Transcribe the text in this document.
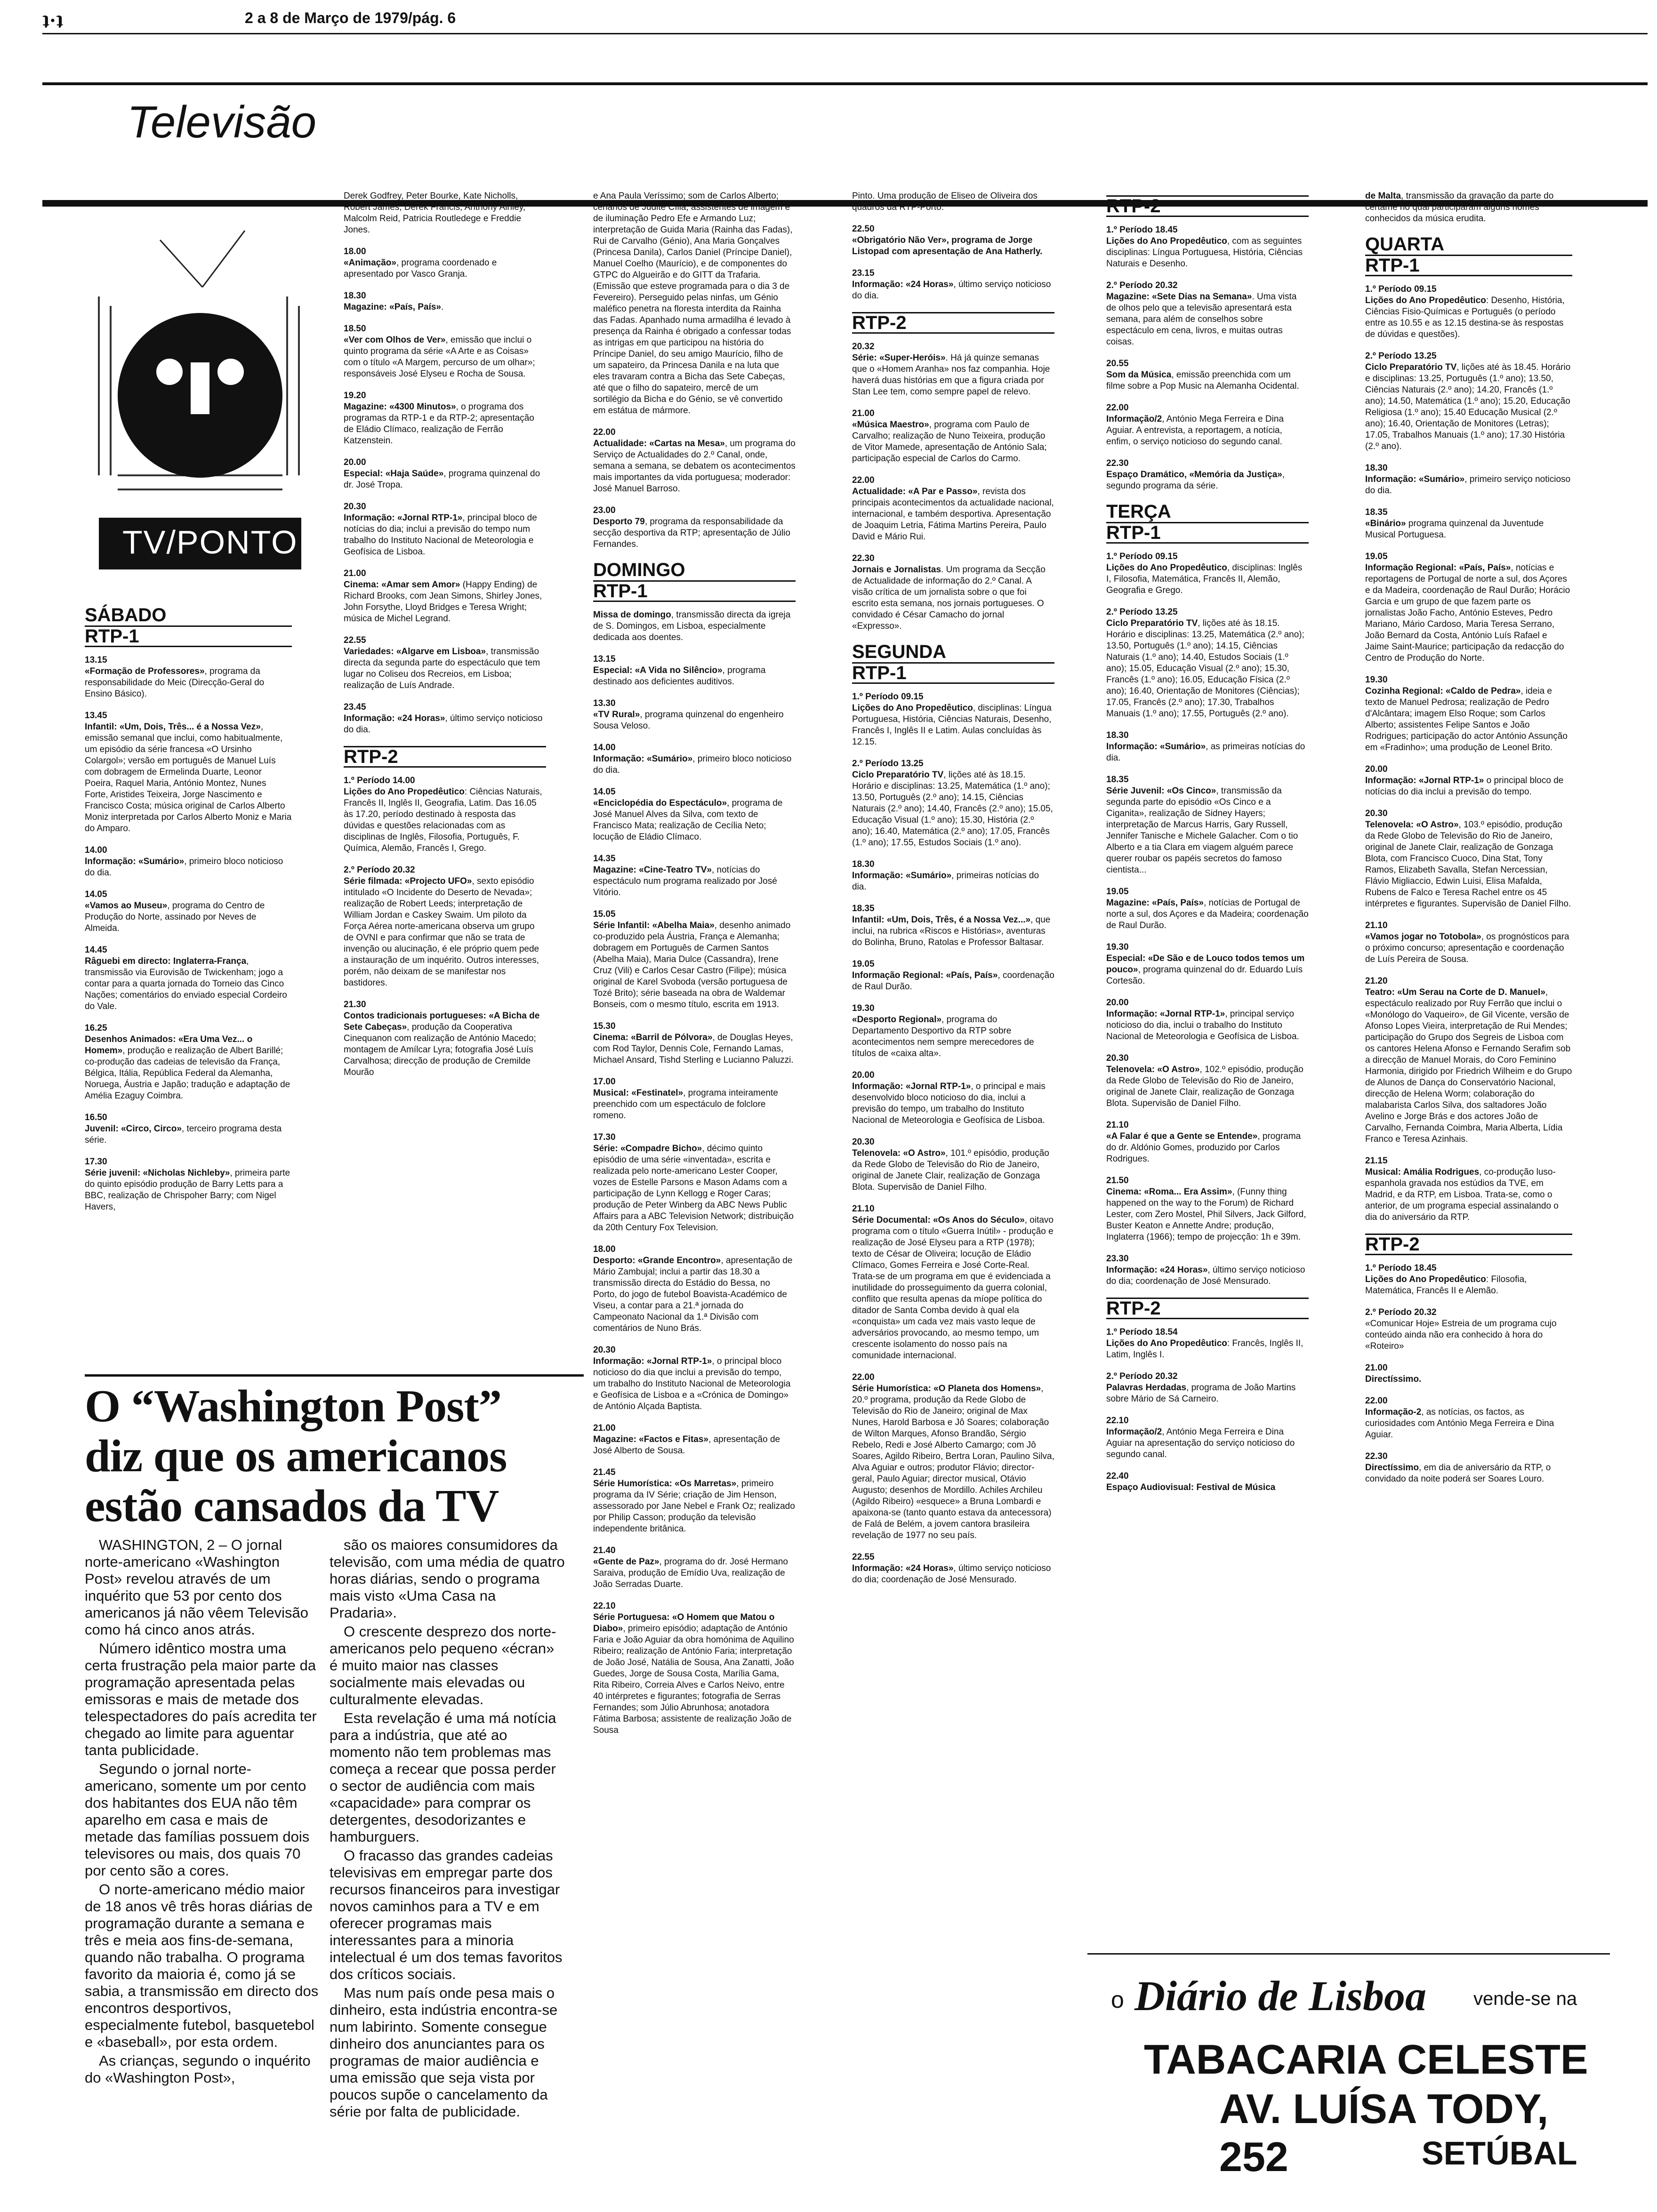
ʇ·ʇ	2 a 8 de Março de 1979/pág. 6
Televisão
TV/PONTO
SÁBADO
RTP-1
13.15
«Formação de Professores», programa da responsabilidade do Meic (Direcção-Geral do Ensino Básico).
13.45
Infantil: «Um, Dois, Três... é a Nossa Vez», emissão semanal que inclui, como habitualmente, um episódio da série francesa «O Ursinho Colargol»; versão em português de Manuel Luís com dobragem de Ermelinda Duarte, Leonor Poeira, Raquel Maria, António Montez, Nunes Forte, Aristides Teixeira, Jorge Nascimento e Francisco Costa; música original de Carlos Alberto Moniz interpretada por Carlos Alberto Moniz e Maria do Amparo.
14.00
Informação: «Sumário», primeiro bloco noticioso do dia.
14.05
«Vamos ao Museu», programa do Centro de Produção do Norte, assinado por Neves de Almeida.
14.45
Râguebi em directo: Inglaterra-França, transmissão via Eurovisão de Twickenham; jogo a contar para a quarta jornada do Torneio das Cinco Nações; comentários do enviado especial Cordeiro do Vale.
16.25
Desenhos Animados: «Era Uma Vez... o Homem», produção e realização de Albert Barillé; co-produção das cadeias de televisão da França, Bélgica, Itália, República Federal da Alemanha, Noruega, Áustria e Japão; tradução e adaptação de Amélia Ezaguy Coimbra.
16.50
Juvenil: «Circo, Circo», terceiro programa desta série.
17.30
Série juvenil: «Nicholas Nichleby», primeira parte do quinto episódio produção de Barry Letts para a BBC, realização de Chrispoher Barry; com Nigel Havers,
Derek Godfrey, Peter Bourke, Kate Nicholls, Robert James, Derek Francis, Anthony Ainley, Malcolm Reid, Patricia Routledege e Freddie Jones.
18.00
«Animação», programa coordenado e apresentado por Vasco Granja.
18.30
Magazine: «País, País».
18.50
«Ver com Olhos de Ver», emissão que inclui o quinto programa da série «A Arte e as Coisas» com o título «A Margem, percurso de um olhar»; responsáveis José Elyseu e Rocha de Sousa.
19.20
Magazine: «4300 Minutos», o programa dos programas da RTP-1 e da RTP-2; apresentação de Eládio Clímaco, realização de Ferrão Katzenstein.
20.00
Especial: «Haja Saúde», programa quinzenal do dr. José Tropa.
20.30
Informação: «Jornal RTP-1», principal bloco de notícias do dia; inclui a previsão do tempo num trabalho do Instituto Nacional de Meteorologia e Geofísica de Lisboa.
21.00
Cinema: «Amar sem Amor» (Happy Ending) de Richard Brooks, com Jean Simons, Shirley Jones, John Forsythe, Lloyd Bridges e Teresa Wright; música de Michel Legrand.
22.55
Variedades: «Algarve em Lisboa», transmissão directa da segunda parte do espectáculo que tem lugar no Coliseu dos Recreios, em Lisboa; realização de Luís Andrade.
23.45
Informação: «24 Horas», último serviço noticioso do dia.
RTP-2
1.º Período 14.00
Lições do Ano Propedêutico: Ciências Naturais, Francês II, Inglês II, Geografia, Latim. Das 16.05 às 17.20, período destinado à resposta das dúvidas e questões relacionadas com as disciplinas de Inglês, Filosofia, Português, F. Química, Alemão, Francês I, Grego.
2.º Período 20.32
Série filmada: «Projecto UFO», sexto episódio intitulado «O Incidente do Deserto de Nevada»; realização de Robert Leeds; interpretação de William Jordan e Caskey Swaim. Um piloto da Força Aérea norte-americana observa um grupo de OVNI e para confirmar que não se trata de invenção ou alucinação, é ele próprio quem pede a instauração de um inquérito. Outros interesses, porém, não deixam de se manifestar nos bastidores.
21.30
Contos tradicionais portugueses: «A Bicha de Sete Cabeças», produção da Cooperativa Cinequanon com realização de António Macedo; montagem de Amílcar Lyra; fotografia José Luís Carvalhosa; direcção de produção de Cremilde Mourão
e Ana Paula Veríssimo; som de Carlos Alberto; cenários de Judite Cília; assistentes de imagem e de iluminação Pedro Efe e Armando Luz; interpretação de Guida Maria (Rainha das Fadas), Rui de Carvalho (Génio), Ana Maria Gonçalves (Princesa Danila), Carlos Daniel (Príncipe Daniel), Manuel Coelho (Maurício), e de componentes do GTPC do Algueirão e do GITT da Trafaria. (Emissão que esteve programada para o dia 3 de Fevereiro). Perseguido pelas ninfas, um Génio maléfico penetra na floresta interdita da Rainha das Fadas. Apanhado numa armadilha é levado à presença da Rainha é obrigado a confessar todas as intrigas em que participou na história do Príncipe Daniel, do seu amigo Maurício, filho de um sapateiro, da Princesa Danila e na luta que eles travaram contra a Bicha das Sete Cabeças, até que o filho do sapateiro, mercê de um sortilégio da Bicha e do Génio, se vê convertido em estátua de mármore.
22.00
Actualidade: «Cartas na Mesa», um programa do Serviço de Actualidades do 2.º Canal, onde, semana a semana, se debatem os acontecimentos mais importantes da vida portuguesa; moderador: José Manuel Barroso.
23.00
Desporto 79, programa da responsabilidade da secção desportiva da RTP; apresentação de Júlio Fernandes.
DOMINGO
RTP-1
Missa de domingo, transmissão directa da igreja de S. Domingos, em Lisboa, especialmente dedicada aos doentes.
13.15
Especial: «A Vida no Silêncio», programa destinado aos deficientes auditivos.
13.30
«TV Rural», programa quinzenal do engenheiro Sousa Veloso.
14.00
Informação: «Sumário», primeiro bloco noticioso do dia.
14.05
«Enciclopédia do Espectáculo», programa de José Manuel Alves da Silva, com texto de Francisco Mata; realização de Cecília Neto; locução de Eládio Clímaco.
14.35
Magazine: «Cine-Teatro TV», notícias do espectáculo num programa realizado por José Vitório.
15.05
Série Infantil: «Abelha Maia», desenho animado co-produzido pela Áustria, França e Alemanha; dobragem em Português de Carmen Santos (Abelha Maia), Maria Dulce (Cassandra), Irene Cruz (Vili) e Carlos Cesar Castro (Filipe); música original de Karel Svoboda (versão portuguesa de Tozé Brito); série baseada na obra de Waldemar Bonseis, com o mesmo título, escrita em 1913.
15.30
Cinema: «Barril de Pólvora», de Douglas Heyes, com Rod Taylor, Dennis Cole, Fernando Lamas, Michael Ansard, Tishd Sterling e Lucianno Paluzzi.
17.00
Musical: «Festinatel», programa inteiramente preenchido com um espectáculo de folclore romeno.
17.30
Série: «Compadre Bicho», décimo quinto episódio de uma série «inventada», escrita e realizada pelo norte-americano Lester Cooper, vozes de Estelle Parsons e Mason Adams com a participação de Lynn Kellogg e Roger Caras; produção de Peter Winberg da ABC News Public Affairs para a ABC Television Network; distribuição da 20th Century Fox Television.
18.00
Desporto: «Grande Encontro», apresentação de Mário Zambujal; inclui a partir das 18.30 a transmissão directa do Estádio do Bessa, no Porto, do jogo de futebol Boavista-Académico de Viseu, a contar para a 21.ª jornada do Campeonato Nacional da 1.ª Divisão com comentários de Nuno Brás.
20.30
Informação: «Jornal RTP-1», o principal bloco noticioso do dia que inclui a previsão do tempo, um trabalho do Instituto Nacional de Meteorologia e Geofísica de Lisboa e a «Crónica de Domingo» de António Alçada Baptista.
21.00
Magazine: «Factos e Fitas», apresentação de José Alberto de Sousa.
21.45
Série Humorística: «Os Marretas», primeiro programa da IV Série; criação de Jim Henson, assessorado por Jane Nebel e Frank Oz; realizado por Philip Casson; produção da televisão independente britânica.
21.40
«Gente de Paz», programa do dr. José Hermano Saraiva, produção de Emídio Uva, realização de João Serradas Duarte.
22.10
Série Portuguesa: «O Homem que Matou o Diabo», primeiro episódio; adaptação de António Faria e João Aguiar da obra homónima de Aquilino Ribeiro; realização de António Faria; interpretação de João José, Natália de Sousa, Ana Zanatti, João Guedes, Jorge de Sousa Costa, Marília Gama, Rita Ribeiro, Correia Alves e Carlos Neivo, entre 40 intérpretes e figurantes; fotografia de Serras Fernandes; som Júlio Abrunhosa; anotadora Fátima Barbosa; assistente de realização João de Sousa
Pinto. Uma produção de Eliseo de Oliveira dos quadros da RTP-Porto.
22.50
«Obrigatório Não Ver», programa de Jorge Listopad com apresentação de Ana Hatherly.
23.15
Informação: «24 Horas», último serviço noticioso do dia.
RTP-2
20.32
Série: «Super-Heróis». Há já quinze semanas que o «Homem Aranha» nos faz companhia. Hoje haverá duas histórias em que a figura criada por Stan Lee tem, como sempre papel de relevo.
21.00
«Música Maestro», programa com Paulo de Carvalho; realização de Nuno Teixeira, produção de Vitor Mamede, apresentação de António Sala; participação especial de Carlos do Carmo.
22.00
Actualidade: «A Par e Passo», revista dos principais acontecimentos da actualidade nacional, internacional, e também desportiva. Apresentação de Joaquim Letria, Fátima Martins Pereira, Paulo David e Mário Rui.
22.30
Jornais e Jornalistas. Um programa da Secção de Actualidade de informação do 2.º Canal. A visão crítica de um jornalista sobre o que foi escrito esta semana, nos jornais portugueses. O convidado é César Camacho do jornal «Expresso».
SEGUNDA
RTP-1
1.º Período 09.15
Lições do Ano Propedêutico, disciplinas: Língua Portuguesa, História, Ciências Naturais, Desenho, Francês I, Inglês II e Latim. Aulas concluídas às 12.15.
2.º Período 13.25
Ciclo Preparatório TV, lições até às 18.15. Horário e disciplinas: 13.25, Matemática (1.º ano); 13.50, Português (2.º ano); 14.15, Ciências Naturais (2.º ano); 14.40, Francês (2.º ano); 15.05, Educação Visual (1.º ano); 15.30, História (2.º ano); 16.40, Matemática (2.º ano); 17.05, Francês (1.º ano); 17.55, Estudos Sociais (1.º ano).
18.30
Informação: «Sumário», primeiras notícias do dia.
18.35
Infantil: «Um, Dois, Três, é a Nossa Vez...», que inclui, na rubrica «Riscos e Histórias», aventuras do Bolinha, Bruno, Ratolas e Professor Baltasar.
19.05
Informação Regional: «País, País», coordenação de Raul Durão.
19.30
«Desporto Regional», programa do Departamento Desportivo da RTP sobre acontecimentos nem sempre merecedores de títulos de «caixa alta».
20.00
Informação: «Jornal RTP-1», o principal e mais desenvolvido bloco noticioso do dia, inclui a previsão do tempo, um trabalho do Instituto Nacional de Meteorologia e Geofísica de Lisboa.
20.30
Telenovela: «O Astro», 101.º episódio, produção da Rede Globo de Televisão do Rio de Janeiro, original de Janete Clair, realização de Gonzaga Blota. Supervisão de Daniel Filho.
21.10
Série Documental: «Os Anos do Século», oitavo programa com o título «Guerra Inútil» - produção e realização de José Elyseu para a RTP (1978); texto de César de Oliveira; locução de Eládio Clímaco, Gomes Ferreira e José Corte-Real. Trata-se de um programa em que é evidenciada a inutilidade do prosseguimento da guerra colonial, conflito que resulta apenas da míope política do ditador de Santa Comba devido à qual ela «conquista» um cada vez mais vasto leque de adversários provocando, ao mesmo tempo, um crescente isolamento do nosso país na comunidade internacional.
22.00
Série Humorística: «O Planeta dos Homens», 20.º programa, produção da Rede Globo de Televisão do Rio de Janeiro; original de Max Nunes, Harold Barbosa e Jô Soares; colaboração de Wilton Marques, Afonso Brandão, Sérgio Rebelo, Redi e José Alberto Camargo; com Jô Soares, Agildo Ribeiro, Bertra Loran, Paulino Silva, Alva Aguiar e outros; produtor Flávio; director-geral, Paulo Aguiar; director musical, Otávio Augusto; desenhos de Mordillo. Achiles Archileu (Agildo Ribeiro) «esquece» a Bruna Lombardi e apaixona-se (tanto quanto estava da antecessora) de Falá de Belém, a jovem cantora brasileira revelação de 1977 no seu país.
22.55
Informação: «24 Horas», último serviço noticioso do dia; coordenação de José Mensurado.
RTP-2
1.º Período 18.45
Lições do Ano Propedêutico, com as seguintes disciplinas: Língua Portuguesa, História, Ciências Naturais e Desenho.
2.º Período 20.32
Magazine: «Sete Dias na Semana». Uma vista de olhos pelo que a televisão apresentará esta semana, para além de conselhos sobre espectáculo em cena, livros, e muitas outras coisas.
20.55
Som da Música, emissão preenchida com um filme sobre a Pop Music na Alemanha Ocidental.
22.00
Informação/2, António Mega Ferreira e Dina Aguiar. A entrevista, a reportagem, a notícia, enfim, o serviço noticioso do segundo canal.
22.30
Espaço Dramático, «Memória da Justiça», segundo programa da série.
TERÇA
RTP-1
1.º Período 09.15
Lições do Ano Propedêutico, disciplinas: Inglês I, Filosofia, Matemática, Francês II, Alemão, Geografia e Grego.
2.º Período 13.25
Ciclo Preparatório TV, lições até às 18.15. Horário e disciplinas: 13.25, Matemática (2.º ano); 13.50, Português (1.º ano); 14.15, Ciências Naturais (1.º ano); 14.40, Estudos Sociais (1.º ano); 15.05, Educação Visual (2.º ano); 15.30, Francês (1.º ano); 16.05, Educação Física (2.º ano); 16.40, Orientação de Monitores (Ciências); 17.05, Francês (2.º ano); 17.30, Trabalhos Manuais (1.º ano); 17.55, Português (2.º ano).
18.30
Informação: «Sumário», as primeiras notícias do dia.
18.35
Série Juvenil: «Os Cinco», transmissão da segunda parte do episódio «Os Cinco e a Ciganita», realização de Sidney Hayers; interpretação de Marcus Harris, Gary Russell, Jennifer Tanische e Michele Galacher. Com o tio Alberto e a tia Clara em viagem alguém parece querer roubar os papéis secretos do famoso cientista...
19.05
Magazine: «País, País», notícias de Portugal de norte a sul, dos Açores e da Madeira; coordenação de Raul Durão.
19.30
Especial: «De São e de Louco todos temos um pouco», programa quinzenal do dr. Eduardo Luís Cortesão.
20.00
Informação: «Jornal RTP-1», principal serviço noticioso do dia, inclui o trabalho do Instituto Nacional de Meteorologia e Geofísica de Lisboa.
20.30
Telenovela: «O Astro», 102.º episódio, produção da Rede Globo de Televisão do Rio de Janeiro, original de Janete Clair, realização de Gonzaga Blota. Supervisão de Daniel Filho.
21.10
«A Falar é que a Gente se Entende», programa do dr. Aldónio Gomes, produzido por Carlos Rodrigues.
21.50
Cinema: «Roma... Era Assim», (Funny thing happened on the way to the Forum) de Richard Lester, com Zero Mostel, Phil Silvers, Jack Gilford, Buster Keaton e Annette Andre; produção, Inglaterra (1966); tempo de projecção: 1h e 39m.
23.30
Informação: «24 Horas», último serviço noticioso do dia; coordenação de José Mensurado.
RTP-2
1.º Período 18.54
Lições do Ano Propedêutico: Francês, Inglês II, Latim, Inglês I.
2.º Período 20.32
Palavras Herdadas, programa de João Martins sobre Mário de Sá Carneiro.
22.10
Informação/2, António Mega Ferreira e Dina Aguiar na apresentação do serviço noticioso do segundo canal.
22.40
Espaço Audiovisual: Festival de Música
de Malta, transmissão da gravação da parte do certame no qual participaram alguns nomes conhecidos da música erudita.
QUARTA
RTP-1
1.º Período 09.15
Lições do Ano Propedêutico: Desenho, História, Ciências Fisio-Químicas e Português (o período entre as 10.55 e as 12.15 destina-se às respostas de dúvidas e questões).
2.º Período 13.25
Ciclo Preparatório TV, lições até às 18.45. Horário e disciplinas: 13.25, Português (1.º ano); 13.50, Ciências Naturais (2.º ano); 14.20, Francês (1.º ano); 14.50, Matemática (1.º ano); 15.20, Educação Religiosa (1.º ano); 15.40 Educação Musical (2.º ano); 16.40, Orientação de Monitores (Letras); 17.05, Trabalhos Manuais (1.º ano); 17.30 História (2.º ano).
18.30
Informação: «Sumário», primeiro serviço noticioso do dia.
18.35
«Binário» programa quinzenal da Juventude Musical Portuguesa.
19.05
Informação Regional: «País, País», notícias e reportagens de Portugal de norte a sul, dos Açores e da Madeira, coordenação de Raul Durão; Horácio Garcia e um grupo de que fazem parte os jornalistas João Facho, António Esteves, Pedro Mariano, Mário Cardoso, Maria Teresa Serrano, João Bernard da Costa, António Luís Rafael e Jaime Saint-Maurice; participação da redacção do Centro de Produção do Norte.
19.30
Cozinha Regional: «Caldo de Pedra», ideia e texto de Manuel Pedrosa; realização de Pedro d'Alcântara; imagem Elso Roque; som Carlos Alberto; assistentes Felipe Santos e João Rodrigues; participação do actor António Assunção em «Fradinho»; uma produção de Leonel Brito.
20.00
Informação: «Jornal RTP-1» o principal bloco de notícias do dia inclui a previsão do tempo.
20.30
Telenovela: «O Astro», 103.º episódio, produção da Rede Globo de Televisão do Rio de Janeiro, original de Janete Clair, realização de Gonzaga Blota, com Francisco Cuoco, Dina Stat, Tony Ramos, Elizabeth Savalla, Stefan Nercessian, Flávio Migliaccio, Edwin Luisi, Elisa Mafalda, Rubens de Falco e Teresa Rachel entre os 45 intérpretes e figurantes. Supervisão de Daniel Filho.
21.10
«Vamos jogar no Totobola», os prognósticos para o próximo concurso; apresentação e coordenação de Luís Pereira de Sousa.
21.20
Teatro: «Um Serau na Corte de D. Manuel», espectáculo realizado por Ruy Ferrão que inclui o «Monólogo do Vaqueiro», de Gil Vicente, versão de Afonso Lopes Vieira, interpretação de Rui Mendes; participação do Grupo dos Segreis de Lisboa com os cantores Helena Afonso e Fernando Serafim sob a direcção de Manuel Morais, do Coro Feminino Harmonia, dirigido por Friedrich Wilheim e do Grupo de Alunos de Dança do Conservatório Nacional, direcção de Helena Worm; colaboração do malabarista Carlos Silva, dos saltadores João Avelino e Jorge Brás e dos actores João de Carvalho, Fernanda Coimbra, Maria Alberta, Lídia Franco e Teresa Azinhais.
21.15
Musical: Amália Rodrigues, co-produção luso-espanhola gravada nos estúdios da TVE, em Madrid, e da RTP, em Lisboa. Trata-se, como o anterior, de um programa especial assinalando o dia do aniversário da RTP.
RTP-2
1.º Período 18.45
Lições do Ano Propedêutico: Filosofia, Matemática, Francês II e Alemão.
2.º Período 20.32
«Comunicar Hoje» Estreia de um programa cujo conteúdo ainda não era conhecido à hora do «Roteiro»
21.00
Directíssimo.
22.00
Informação-2, as notícias, os factos, as curiosidades com António Mega Ferreira e Dina Aguiar.
22.30
Directíssimo, em dia de aniversário da RTP, o convidado da noite poderá ser Soares Louro.
O “Washington Post”
diz que os americanos
estão cansados da TV

WASHINGTON, 2 – O jornal norte-americano «Washington Post» revelou através de um inquérito que 53 por cento dos americanos já não vêem Televisão como há cinco anos atrás.

Número idêntico mostra uma certa frustração pela maior parte da programação apresentada pelas emissoras e mais de metade dos telespectadores do país acredita ter chegado ao limite para aguentar tanta publicidade.

Segundo o jornal norte-americano, somente um por cento dos habitantes dos EUA não têm aparelho em casa e mais de metade das famílias possuem dois televisores ou mais, dos quais 70 por cento são a cores.

O norte-americano médio maior de 18 anos vê três horas diárias de programação durante a semana e três e meia aos fins-de-semana, quando não trabalha. O programa favorito da maioria é, como já se sabia, a transmissão em directo dos encontros desportivos, especialmente futebol, basquetebol e «baseball», por esta ordem.

As crianças, segundo o inquérito do «Washington Post»,

são os maiores consumidores da televisão, com uma média de quatro horas diárias, sendo o programa mais visto «Uma Casa na Pradaria».

O crescente desprezo dos norte-americanos pelo pequeno «écran» é muito maior nas classes socialmente mais elevadas ou culturalmente elevadas.

Esta revelação é uma má notícia para a indústria, que até ao momento não tem problemas mas começa a recear que possa perder o sector de audiência com mais «capacidade» para comprar os detergentes, desodorizantes e hamburguers.

O fracasso das grandes cadeias televisivas em empregar parte dos recursos financeiros para investigar novos caminhos para a TV e em oferecer programas mais interessantes para a minoria intelectual é um dos temas favoritos dos críticos sociais.

Mas num país onde pesa mais o dinheiro, esta indústria encontra-se num labirinto. Somente consegue dinheiro dos anunciantes para os programas de maior audiência e uma emissão que seja vista por poucos supõe o cancelamento da série por falta de publicidade.

o Diário de Lisboa	vende-se na
TABACARIA CELESTE
AV. LUÍSA TODY, 252	SETÚBAL
